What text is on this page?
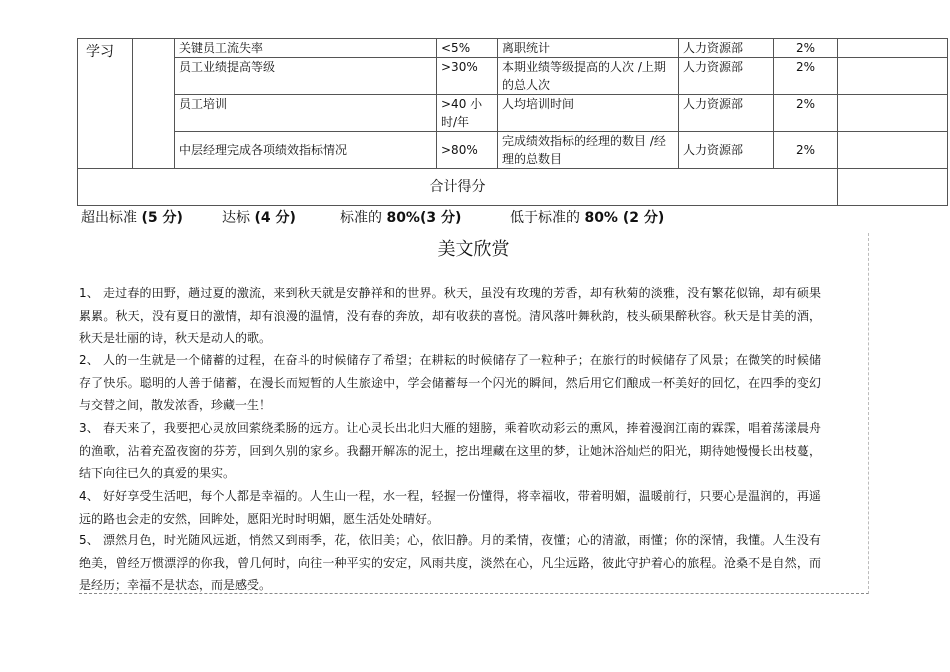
学习		关键员工流失率	<5%	离职统计	人力资源部	2%	
		员工业绩提高等级	>30%	本期业绩等级提高的人次 /上期的总人次	人力资源部	2%	
		员工培训	>40 小时/年	人均培训时间	人力资源部	2%	
		中层经理完成各项绩效指标情况	>80%	完成绩效指标的经理的数目 /经理的总数目	人力资源部	2%	
合计得分							
超出标准 (5 分)	达标 (4 分)	标准的 80%(3 分)	低于标准的 80% (2 分)
美文欣赏
1、 走过春的田野，趟过夏的激流，来到秋天就是安静祥和的世界。秋天，虽没有玫瑰的芳香，却有秋菊的淡雅，没有繁花似锦，却有硕果累累。秋天，没有夏日的激情，却有浪漫的温情，没有春的奔放，却有收获的喜悦。清风落叶舞秋韵，枝头硕果醉秋容。秋天是甘美的酒，秋天是壮丽的诗，秋天是动人的歌。
2、 人的一生就是一个储蓄的过程，在奋斗的时候储存了希望；在耕耘的时候储存了一粒种子；在旅行的时候储存了风景；在微笑的时候储存了快乐。聪明的人善于储蓄，在漫长而短暂的人生旅途中，学会储蓄每一个闪光的瞬间，然后用它们酿成一杯美好的回忆，在四季的变幻与交替之间，散发浓香，珍藏一生！
3、 春天来了，我要把心灵放回萦绕柔肠的远方。让心灵长出北归大雁的翅膀，乘着吹动彩云的熏风，捧着漫润江南的霖霂，唱着荡漾晨舟的渔歌，沾着充盈夜窗的芬芳，回到久别的家乡。我翻开解冻的泥土，挖出埋藏在这里的梦，让她沐浴灿烂的阳光，期待她慢慢长出枝蔓，结下向往已久的真爱的果实。
4、 好好享受生活吧，每个人都是幸福的。人生山一程，水一程，轻握一份懂得，将幸福收，带着明媚，温暖前行，只要心是温润的，再遥远的路也会走的安然，回眸处，愿阳光时时明媚，愿生活处处晴好。
5、 漂然月色，时光随风远逝，悄然又到雨季，花，依旧美；心，依旧静。月的柔情，夜懂；心的清澈，雨懂；你的深情，我懂。人生没有绝美，曾经万惯漂浮的你我，曾几何时，向往一种平实的安定，风雨共度，淡然在心，凡尘远路，彼此守护着心的旅程。沧桑不是自然，而是经历；幸福不是状态，而是感受。
